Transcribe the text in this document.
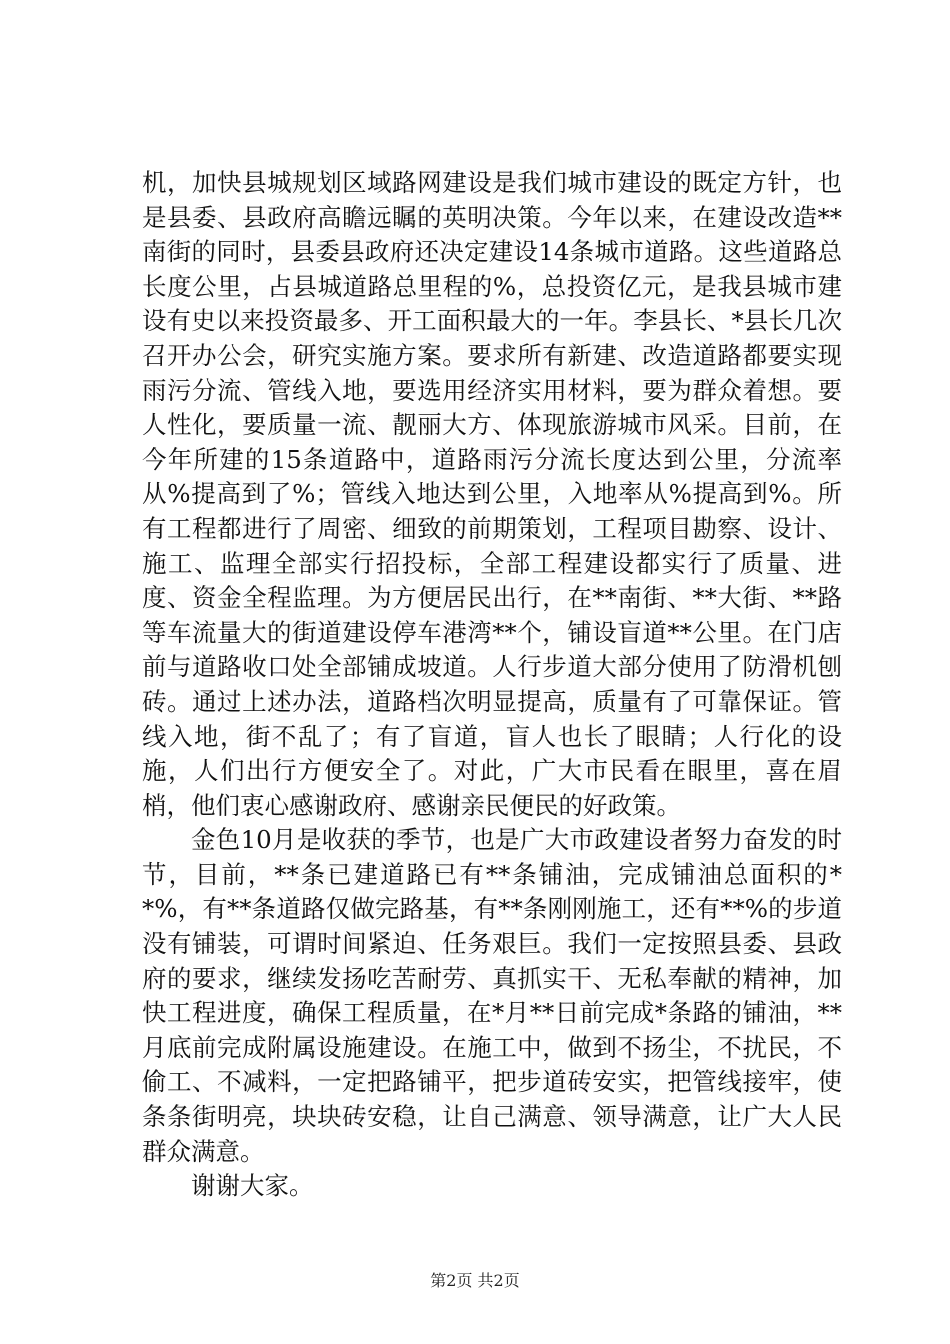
机，加快县城规划区域路网建设是我们城市建设的既定方针，也是县委、县政府高瞻远瞩的英明决策。今年以来，在建设改造**南街的同时，县委县政府还决定建设14条城市道路。这些道路总长度公里，占县城道路总里程的%，总投资亿元，是我县城市建设有史以来投资最多、开工面积最大的一年。李县长、*县长几次召开办公会，研究实施方案。要求所有新建、改造道路都要实现雨污分流、管线入地，要选用经济实用材料，要为群众着想。要人性化，要质量一流、靓丽大方、体现旅游城市风采。目前，在今年所建的15条道路中，道路雨污分流长度达到公里，分流率从%提高到了%；管线入地达到公里，入地率从%提高到%。所有工程都进行了周密、细致的前期策划，工程项目勘察、设计、施工、监理全部实行招投标，全部工程建设都实行了质量、进度、资金全程监理。为方便居民出行，在**南街、**大街、**路等车流量大的街道建设停车港湾**个，铺设盲道**公里。在门店前与道路收口处全部铺成坡道。人行步道大部分使用了防滑机刨砖。通过上述办法，道路档次明显提高，质量有了可靠保证。管线入地，街不乱了；有了盲道，盲人也长了眼睛；人行化的设施，人们出行方便安全了。对此，广大市民看在眼里，喜在眉梢，他们衷心感谢政府、感谢亲民便民的好政策。

金色10月是收获的季节，也是广大市政建设者努力奋发的时节，目前，**条已建道路已有**条铺油，完成铺油总面积的**%，有**条道路仅做完路基，有**条刚刚施工，还有**%的步道没有铺装，可谓时间紧迫、任务艰巨。我们一定按照县委、县政府的要求，继续发扬吃苦耐劳、真抓实干、无私奉献的精神，加快工程进度，确保工程质量，在*月**日前完成*条路的铺油，**月底前完成附属设施建设。在施工中，做到不扬尘，不扰民，不偷工、不减料，一定把路铺平，把步道砖安实，把管线接牢，使条条街明亮，块块砖安稳，让自己满意、领导满意，让广大人民群众满意。

谢谢大家。

第2页 共2页
